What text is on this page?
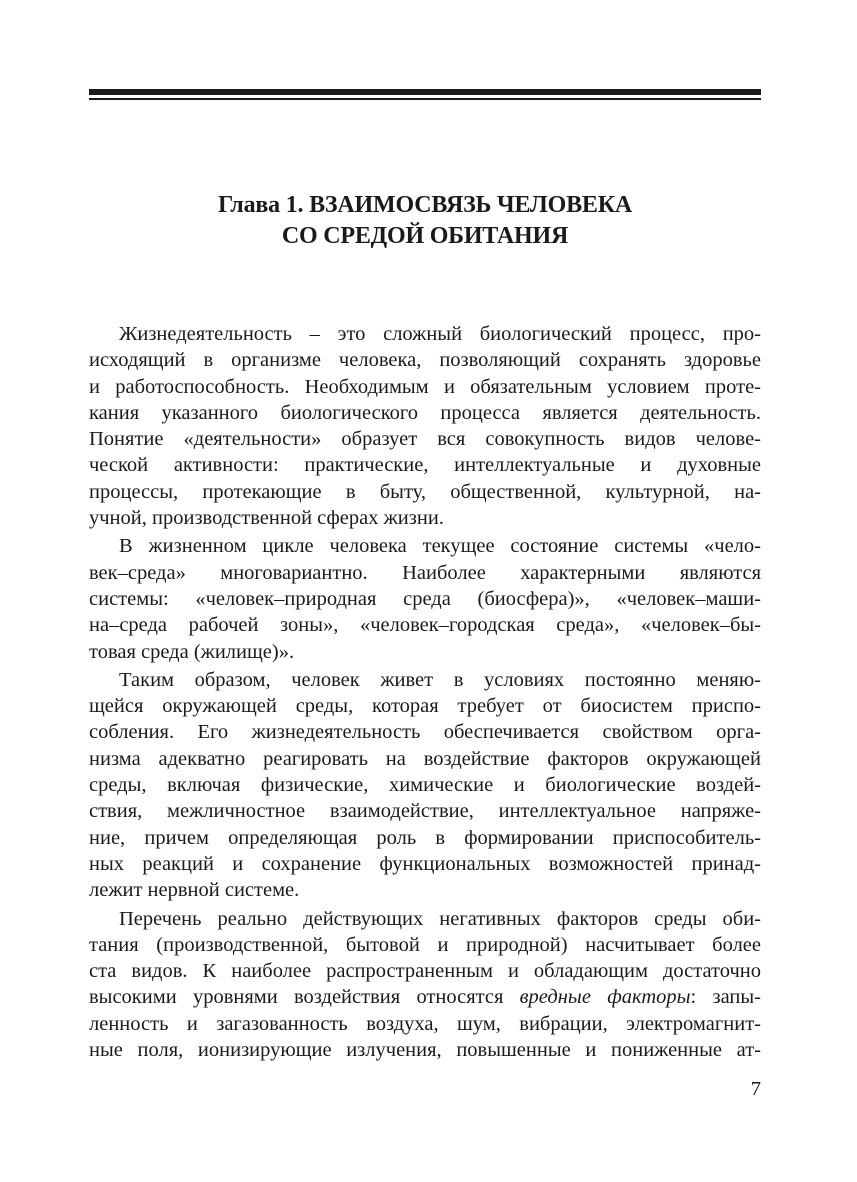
Глава 1. ВЗАИМОСВЯЗЬ ЧЕЛОВЕКА
СО СРЕДОЙ ОБИТАНИЯ
Жизнедеятельность – это сложный биологический процесс, про-
исходящий в организме человека, позволяющий сохранять здоровье
и работоспособность. Необходимым и обязательным условием проте-
кания указанного биологического процесса является деятельность.
Понятие «деятельности» образует вся совокупность видов челове-
ческой активности: практические, интеллектуальные и духовные
процессы, протекающие в быту, общественной, культурной, на-
учной, производственной сферах жизни.
В жизненном цикле человека текущее состояние системы «чело-
век–среда» многовариантно. Наиболее характерными являются
системы: «человек–природная среда (биосфера)», «человек–маши-
на–среда рабочей зоны», «человек–городская среда», «человек–бы-
товая среда (жилище)».
Таким образом, человек живет в условиях постоянно меняю-
щейся окружающей среды, которая требует от биосистем приспо-
собления. Его жизнедеятельность обеспечивается свойством орга-
низма адекватно реагировать на воздействие факторов окружающей
среды, включая физические, химические и биологические воздей-
ствия, межличностное взаимодействие, интеллектуальное напряже-
ние, причем определяющая роль в формировании приспособитель-
ных реакций и сохранение функциональных возможностей принад-
лежит нервной системе.
Перечень реально действующих негативных факторов среды оби-
тания (производственной, бытовой и природной) насчитывает более
ста видов. К наиболее распространенным и обладающим достаточно
высокими уровнями воздействия относятся вредные факторы: запы-
ленность и загазованность воздуха, шум, вибрации, электромагнит-
ные поля, ионизирующие излучения, повышенные и пониженные ат-
7
